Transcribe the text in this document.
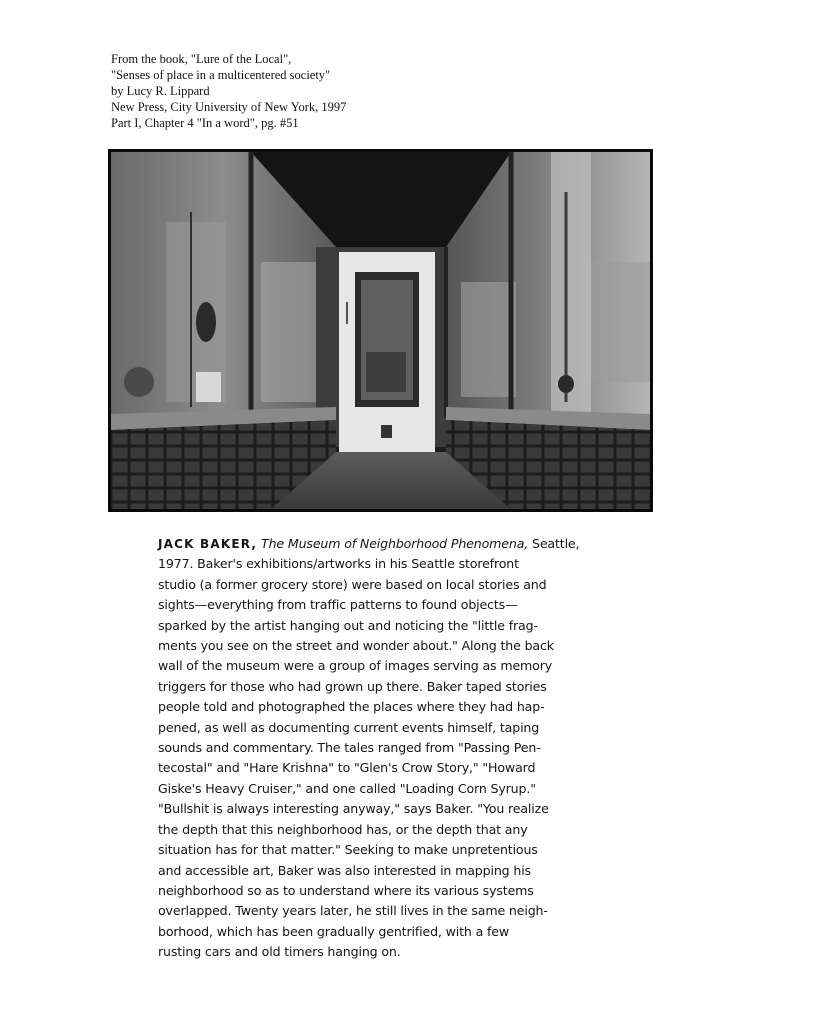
From the book, "Lure of the Local",
"Senses of place in a multicentered society"
by Lucy R. Lippard
New Press, City University of New York, 1997
Part I, Chapter 4 "In a word", pg. #51
JACK BAKER, The Museum of Neighborhood Phenomena, Seattle,
1977. Baker's exhibitions/artworks in his Seattle storefront
studio (a former grocery store) were based on local stories and
sights—everything from traffic patterns to found objects—
sparked by the artist hanging out and noticing the "little frag-
ments you see on the street and wonder about." Along the back
wall of the museum were a group of images serving as memory
triggers for those who had grown up there. Baker taped stories
people told and photographed the places where they had hap-
pened, as well as documenting current events himself, taping
sounds and commentary. The tales ranged from "Passing Pen-
tecostal" and "Hare Krishna" to "Glen's Crow Story," "Howard
Giske's Heavy Cruiser," and one called "Loading Corn Syrup."
"Bullshit is always interesting anyway," says Baker. "You realize
the depth that this neighborhood has, or the depth that any
situation has for that matter." Seeking to make unpretentious
and accessible art, Baker was also interested in mapping his
neighborhood so as to understand where its various systems
overlapped. Twenty years later, he still lives in the same neigh-
borhood, which has been gradually gentrified, with a few
rusting cars and old timers hanging on.
